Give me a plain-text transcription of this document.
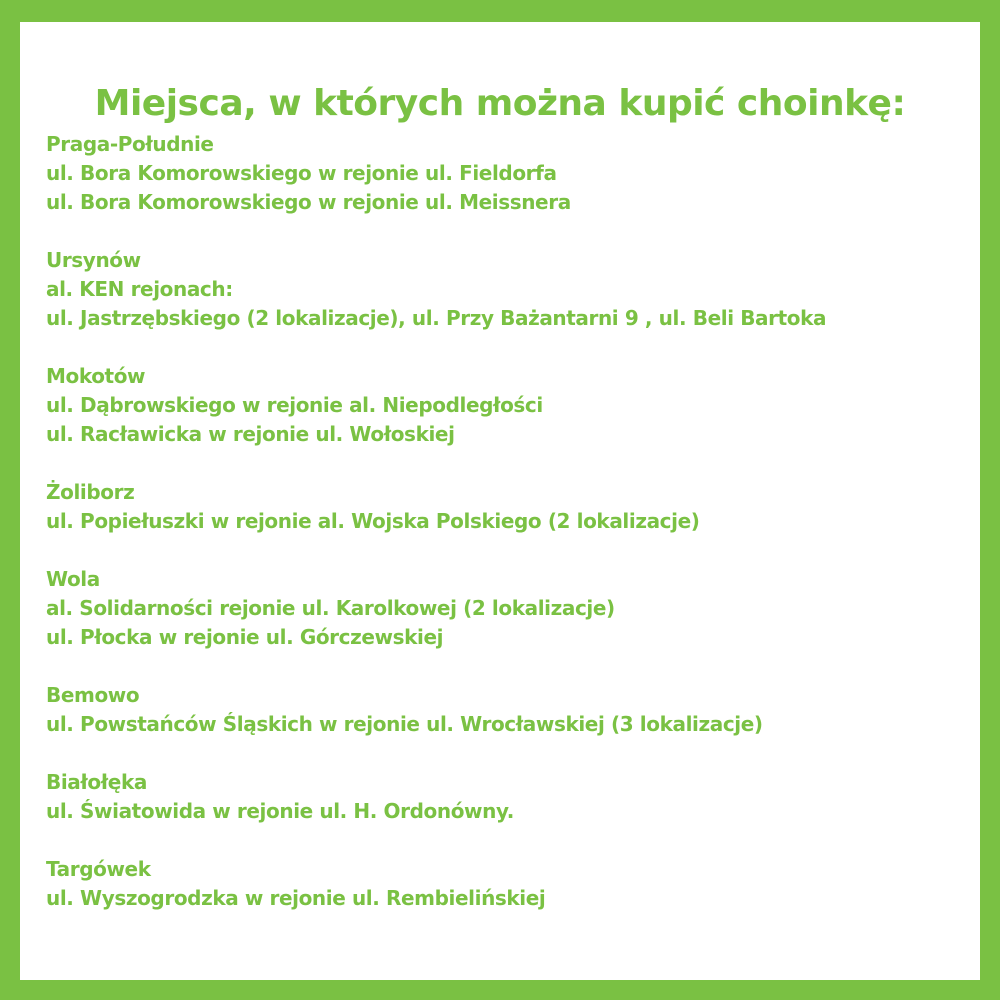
Miejsca, w których można kupić choinkę:
Praga-Południe
ul. Bora Komorowskiego w rejonie ul. Fieldorfa
ul. Bora Komorowskiego w rejonie ul. Meissnera
Ursynów
al. KEN rejonach:
ul. Jastrzębskiego (2 lokalizacje), ul. Przy Bażantarni 9 , ul. Beli Bartoka
Mokotów
ul. Dąbrowskiego w rejonie al. Niepodległości
ul. Racławicka w rejonie ul. Wołoskiej
Żoliborz
ul. Popiełuszki w rejonie al. Wojska Polskiego (2 lokalizacje)
Wola
al. Solidarności rejonie ul. Karolkowej (2 lokalizacje)
ul. Płocka w rejonie ul. Górczewskiej
Bemowo
ul. Powstańców Śląskich w rejonie ul. Wrocławskiej (3 lokalizacje)
Białołęka
ul. Światowida w rejonie ul. H. Ordonówny.
Targówek
ul. Wyszogrodzka w rejonie ul. Rembielińskiej
